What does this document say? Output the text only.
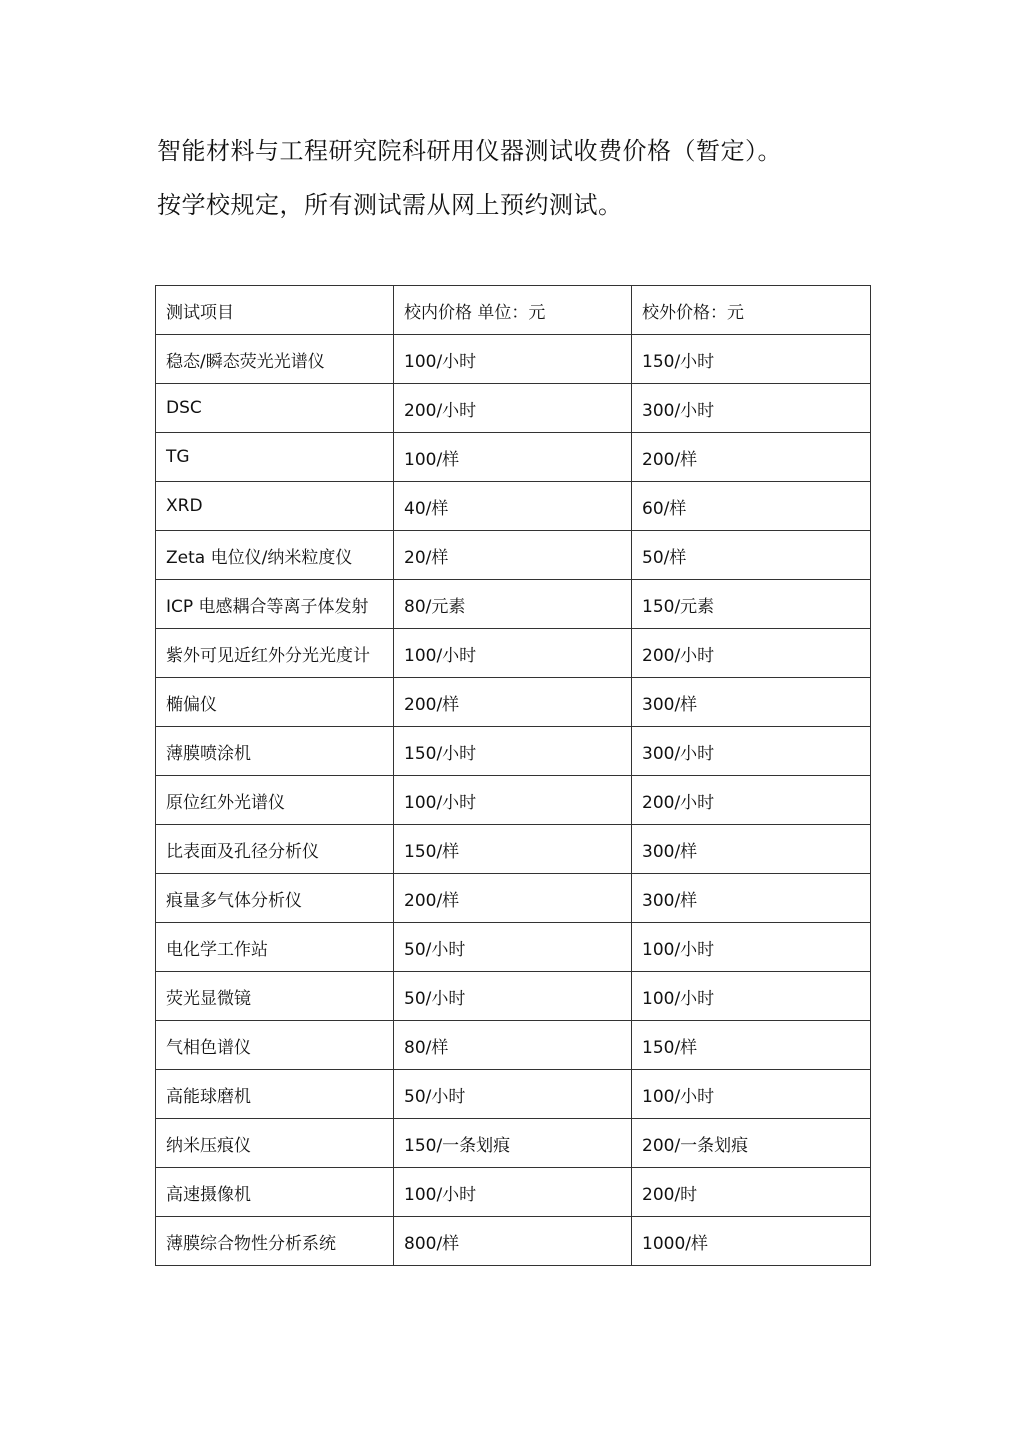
智能材料与工程研究院科研用仪器测试收费价格（暂定）。
按学校规定，所有测试需从网上预约测试。
测试项目	校内价格 单位：元	校外价格：元
稳态/瞬态荧光光谱仪	100/小时	150/小时
DSC	200/小时	300/小时
TG	100/样	200/样
XRD	40/样	60/样
Zeta 电位仪/纳米粒度仪	20/样	50/样
ICP 电感耦合等离子体发射	80/元素	150/元素
紫外可见近红外分光光度计	100/小时	200/小时
椭偏仪	200/样	300/样
薄膜喷涂机	150/小时	300/小时
原位红外光谱仪	100/小时	200/小时
比表面及孔径分析仪	150/样	300/样
痕量多气体分析仪	200/样	300/样
电化学工作站	50/小时	100/小时
荧光显微镜	50/小时	100/小时
气相色谱仪	80/样	150/样
高能球磨机	50/小时	100/小时
纳米压痕仪	150/一条划痕	200/一条划痕
高速摄像机	100/小时	200/时
薄膜综合物性分析系统	800/样	1000/样
